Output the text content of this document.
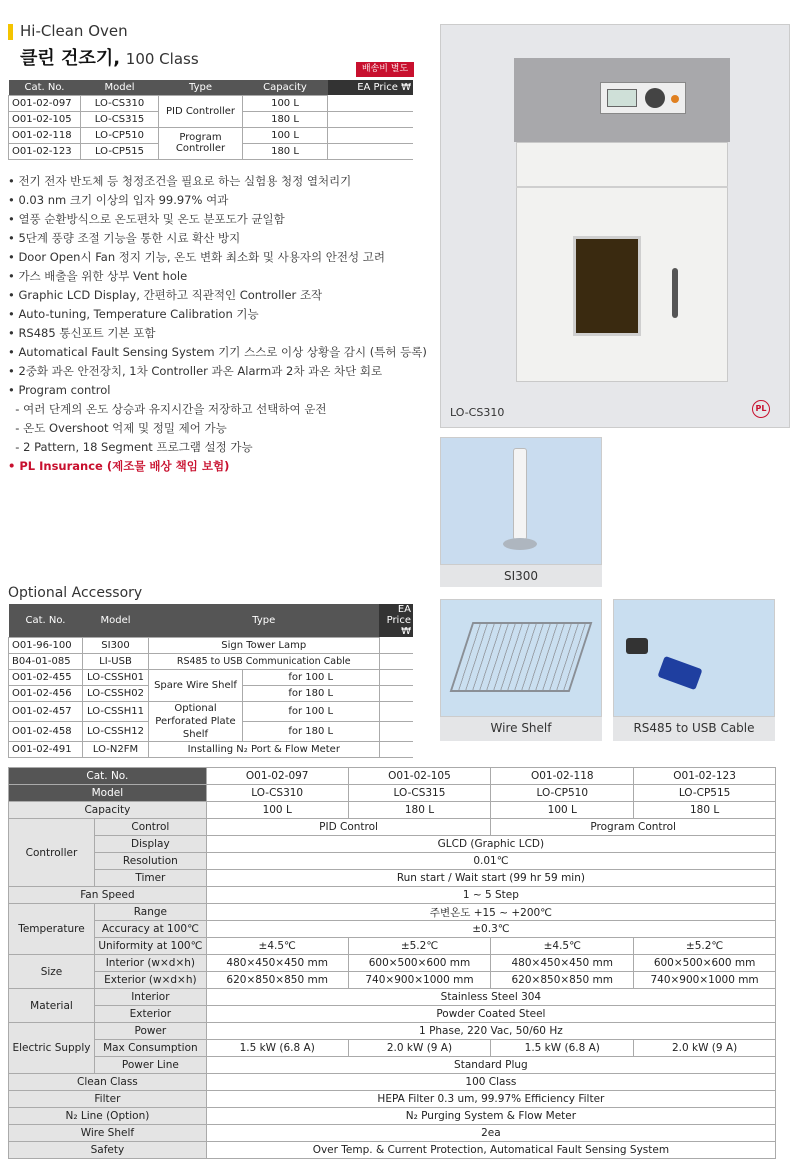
Hi-Clean Oven
클린 건조기, 100 Class
배송비 별도
Cat. No.	Model	Type	Capacity	EA Price ₩
O01-02-097	LO-CS310	PID Controller	100 L	
O01-02-105	LO-CS315		180 L	
O01-02-118	LO-CP510	Program Controller	100 L	
O01-02-123	LO-CP515		180 L	
• 전기 전자 반도체 등 청정조건을 필요로 하는 실험용 청정 열처리기
• 0.03 nm 크기 이상의 입자 99.97% 여과
• 열풍 순환방식으로 온도편차 및 온도 분포도가 균일함
• 5단계 풍량 조절 기능을 통한 시료 확산 방지
• Door Open시 Fan 정지 기능, 온도 변화 최소화 및 사용자의 안전성 고려
• 가스 배출을 위한 상부 Vent hole
• Graphic LCD Display, 간편하고 직관적인 Controller 조작
• Auto-tuning, Temperature Calibration 기능
• RS485 통신포트 기본 포함
• Automatical Fault Sensing System 기기 스스로 이상 상황을 감시 (특허 등록)
• 2중화 과온 안전장치, 1차 Controller 과온 Alarm과 2차 과온 차단 회로
• Program control
- 여러 단계의 온도 상승과 유지시간을 저장하고 선택하여 운전
- 온도 Overshoot 억제 및 정밀 제어 가능
- 2 Pattern, 18 Segment 프로그램 설정 가능
• PL Insurance (제조물 배상 책임 보험)
LO-CS310	PL
SI300
Wire Shelf	RS485 to USB Cable
Optional Accessory
Cat. No.	Model	Type		EA Price ₩
O01-96-100	SI300	Sign Tower Lamp		
B04-01-085	LI-USB	RS485 to USB Communication Cable		
O01-02-455	LO-CSSH01	Spare Wire Shelf	for 100 L	
O01-02-456	LO-CSSH02		for 180 L	
O01-02-457	LO-CSSH11	Optional Perforated Plate Shelf	for 100 L	
O01-02-458	LO-CSSH12		for 180 L	
O01-02-491	LO-N2FM	Installing N₂ Port & Flow Meter		
Cat. No.		O01-02-097	O01-02-105	O01-02-118	O01-02-123
Model		LO-CS310	LO-CS315	LO-CP510	LO-CP515
Capacity		100 L	180 L	100 L	180 L
Controller	Control	PID Control		Program Control	
	Display	GLCD (Graphic LCD)			
	Resolution	0.01℃			
	Timer	Run start / Wait start (99 hr 59 min)			
Fan Speed		1 ~ 5 Step			
Temperature	Range	주변온도 +15 ~ +200℃			
	Accuracy at 100℃	±0.3℃			
	Uniformity at 100℃	±4.5℃	±5.2℃	±4.5℃	±5.2℃
Size	Interior (w×d×h)	480×450×450 mm	600×500×600 mm	480×450×450 mm	600×500×600 mm
	Exterior (w×d×h)	620×850×850 mm	740×900×1000 mm	620×850×850 mm	740×900×1000 mm
Material	Interior	Stainless Steel 304			
	Exterior	Powder Coated Steel			
Electric Supply	Power	1 Phase, 220 Vac, 50/60 Hz			
	Max Consumption	1.5 kW (6.8 A)	2.0 kW (9 A)	1.5 kW (6.8 A)	2.0 kW (9 A)
	Power Line	Standard Plug			
Clean Class		100 Class			
Filter		HEPA Filter 0.3 um, 99.97% Efficiency Filter			
N₂ Line (Option)		N₂ Purging System & Flow Meter			
Wire Shelf		2ea			
Safety		Over Temp. & Current Protection, Automatical Fault Sensing System			
